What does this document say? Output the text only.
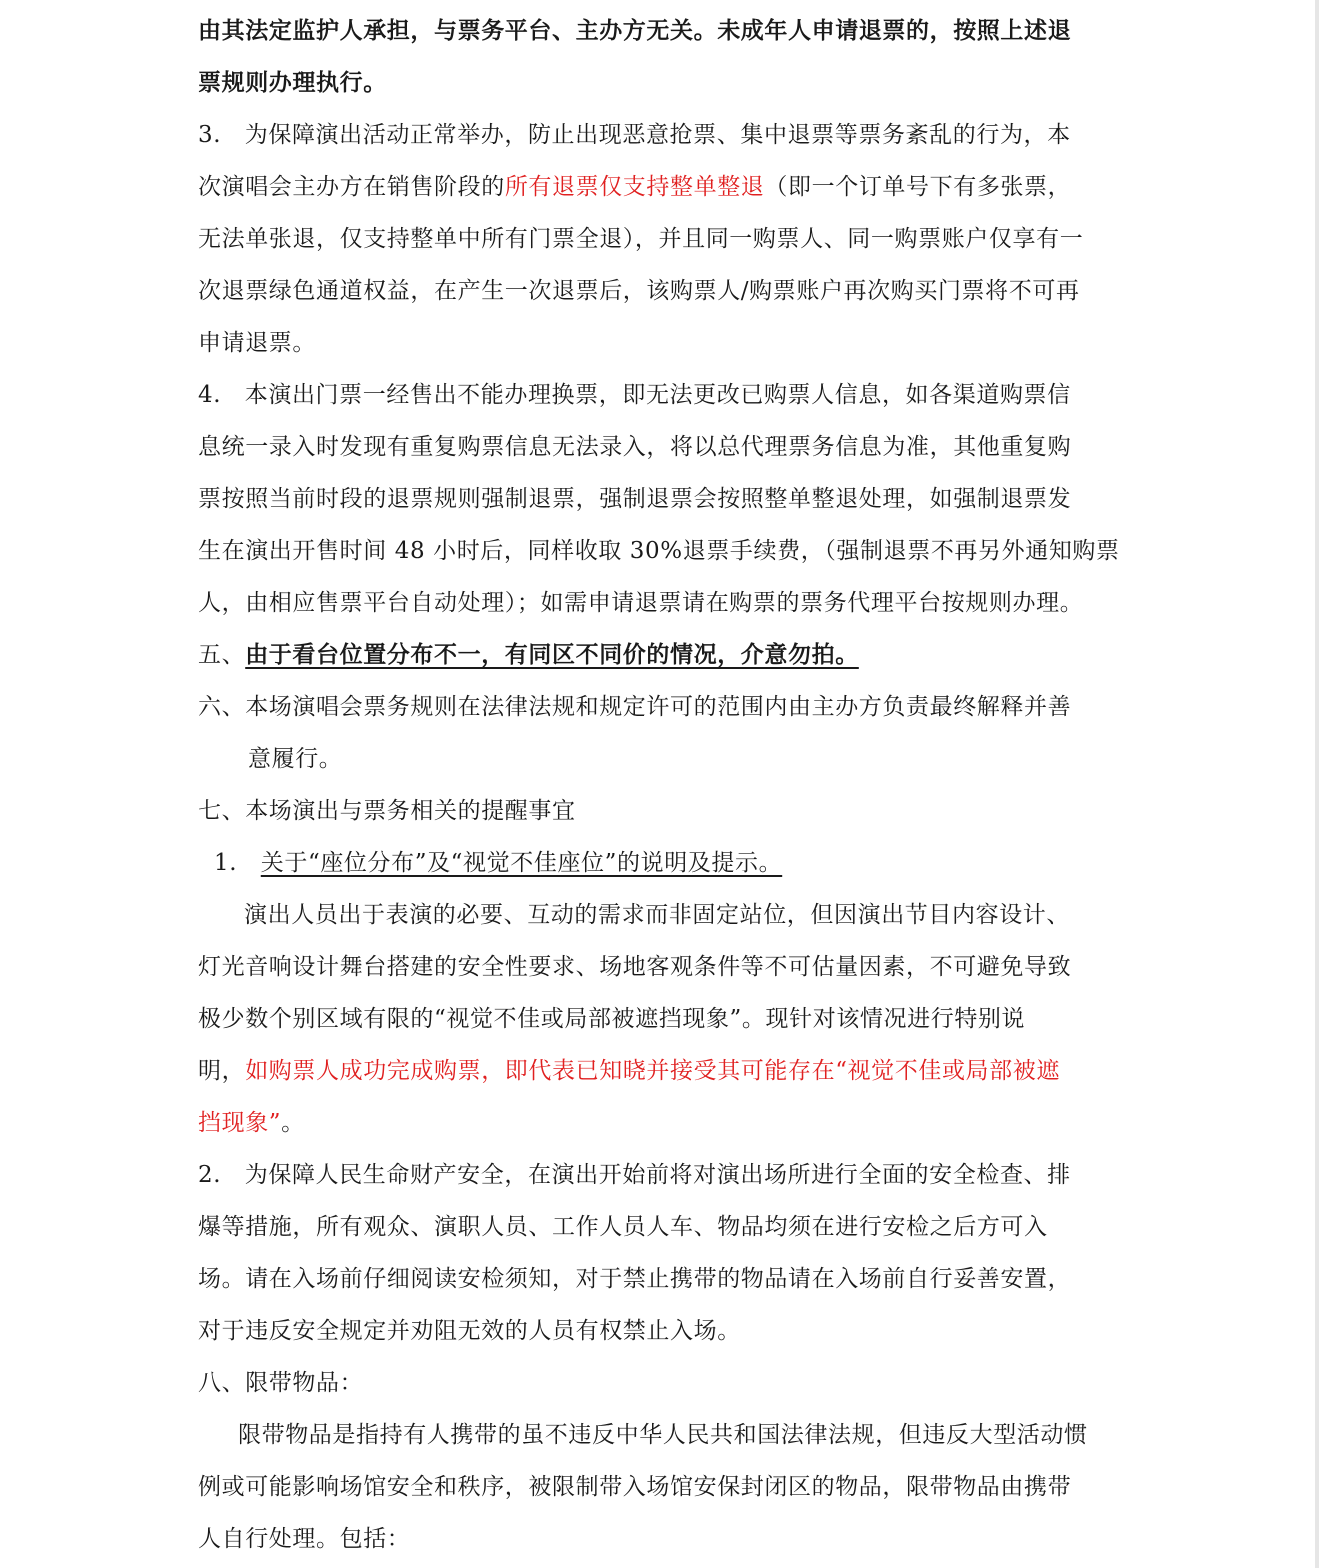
由其法定监护人承担，与票务平台、主办方无关。未成年人申请退票的，按照上述退
票规则办理执行。
3.　为保障演出活动正常举办，防止出现恶意抢票、集中退票等票务紊乱的行为，本
次演唱会主办方在销售阶段的所有退票仅支持整单整退（即一个订单号下有多张票，
无法单张退，仅支持整单中所有门票全退），并且同一购票人、同一购票账户仅享有一
次退票绿色通道权益，在产生一次退票后，该购票人/购票账户再次购买门票将不可再
申请退票。
4.　本演出门票一经售出不能办理换票，即无法更改已购票人信息，如各渠道购票信
息统一录入时发现有重复购票信息无法录入，将以总代理票务信息为准，其他重复购
票按照当前时段的退票规则强制退票，强制退票会按照整单整退处理，如强制退票发
生在演出开售时间 48 小时后，同样收取 30%退票手续费，（强制退票不再另外通知购票
人，由相应售票平台自动处理）；如需申请退票请在购票的票务代理平台按规则办理。
五、由于看台位置分布不一，有同区不同价的情况，介意勿拍。
六、本场演唱会票务规则在法律法规和规定许可的范围内由主办方负责最终解释并善
意履行。
七、本场演出与票务相关的提醒事宜
1.　 关于“座位分布”及“视觉不佳座位”的说明及提示。
演出人员出于表演的必要、互动的需求而非固定站位，但因演出节目内容设计、
灯光音响设计舞台搭建的安全性要求、场地客观条件等不可估量因素，不可避免导致
极少数个别区域有限的“视觉不佳或局部被遮挡现象”。现针对该情况进行特别说
明，如购票人成功完成购票，即代表已知晓并接受其可能存在“视觉不佳或局部被遮
挡现象”。
2.　为保障人民生命财产安全，在演出开始前将对演出场所进行全面的安全检查、排
爆等措施，所有观众、演职人员、工作人员人车、物品均须在进行安检之后方可入
场。请在入场前仔细阅读安检须知，对于禁止携带的物品请在入场前自行妥善安置，
对于违反安全规定并劝阻无效的人员有权禁止入场。
八、限带物品：
限带物品是指持有人携带的虽不违反中华人民共和国法律法规，但违反大型活动惯
例或可能影响场馆安全和秩序，被限制带入场馆安保封闭区的物品，限带物品由携带
人自行处理。包括：
